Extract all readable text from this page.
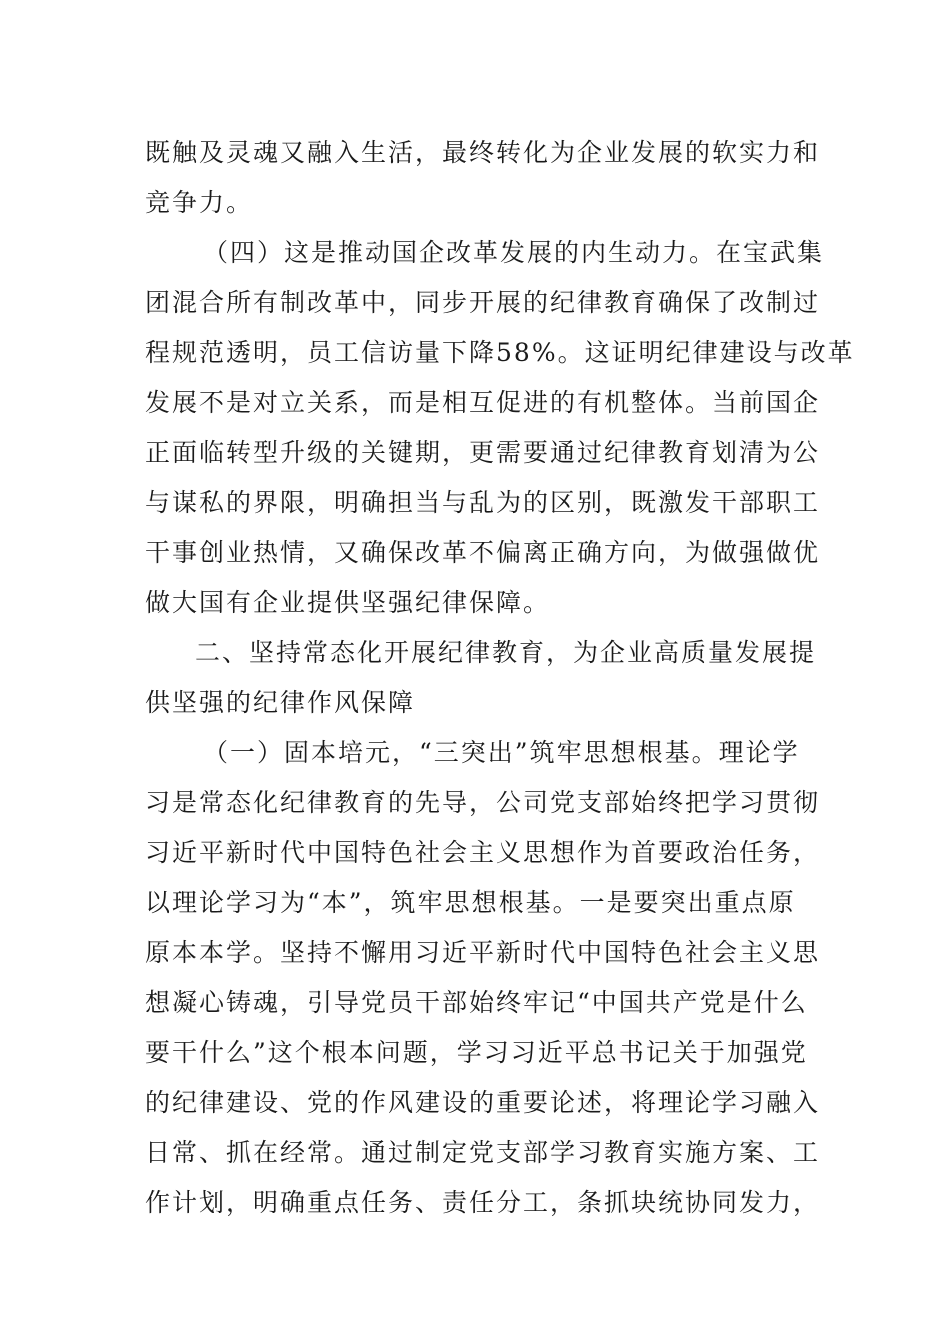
既触及灵魂又融入生活，最终转化为企业发展的软实力和
竞争力。
（四）这是推动国企改革发展的内生动力。在宝武集
团混合所有制改革中，同步开展的纪律教育确保了改制过
程规范透明，员工信访量下降58%。这证明纪律建设与改革
发展不是对立关系，而是相互促进的有机整体。当前国企
正面临转型升级的关键期，更需要通过纪律教育划清为公
与谋私的界限，明确担当与乱为的区别，既激发干部职工
干事创业热情，又确保改革不偏离正确方向，为做强做优
做大国有企业提供坚强纪律保障。
二、坚持常态化开展纪律教育，为企业高质量发展提
供坚强的纪律作风保障
（一）固本培元，“三突出”筑牢思想根基。理论学
习是常态化纪律教育的先导，公司党支部始终把学习贯彻
习近平新时代中国特色社会主义思想作为首要政治任务，
以理论学习为“本”，筑牢思想根基。一是要突出重点原
原本本学。坚持不懈用习近平新时代中国特色社会主义思
想凝心铸魂，引导党员干部始终牢记“中国共产党是什么
要干什么”这个根本问题，学习习近平总书记关于加强党
的纪律建设、党的作风建设的重要论述，将理论学习融入
日常、抓在经常。通过制定党支部学习教育实施方案、工
作计划，明确重点任务、责任分工，条抓块统协同发力，
